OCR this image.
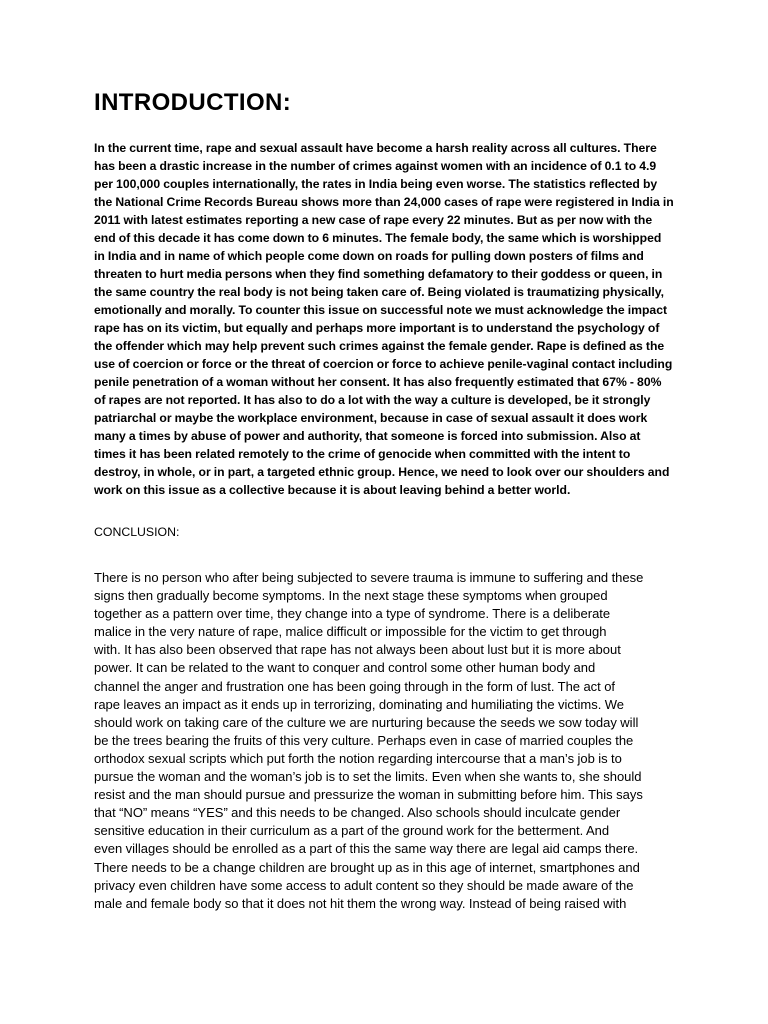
INTRODUCTION:
In the current time, rape and sexual assault have become a harsh reality across all cultures. There
has been a drastic increase in the number of crimes against women with an incidence of 0.1 to 4.9
per 100,000 couples internationally, the rates in India being even worse. The statistics reflected by
the National Crime Records Bureau shows more than 24,000 cases of rape were registered in India in
2011 with latest estimates reporting a new case of rape every 22 minutes. But as per now with the
end of this decade it has come down to 6 minutes. The female body, the same which is worshipped
in India and in name of which people come down on roads for pulling down posters of films and
threaten to hurt media persons when they find something defamatory to their goddess or queen, in
the same country the real body is not being taken care of. Being violated is traumatizing physically,
emotionally and morally. To counter this issue on successful note we must acknowledge the impact
rape has on its victim, but equally and perhaps more important is to understand the psychology of
the offender which may help prevent such crimes against the female gender. Rape is defined as the
use of coercion or force or the threat of coercion or force to achieve penile-vaginal contact including
penile penetration of a woman without her consent. It has also frequently estimated that 67% - 80%
of rapes are not reported. It has also to do a lot with the way a culture is developed, be it strongly
patriarchal or maybe the workplace environment, because in case of sexual assault it does work
many a times by abuse of power and authority, that someone is forced into submission. Also at
times it has been related remotely to the crime of genocide when committed with the intent to
destroy, in whole, or in part, a targeted ethnic group. Hence, we need to look over our shoulders and
work on this issue as a collective because it is about leaving behind a better world.
CONCLUSION:
There is no person who after being subjected to severe trauma is immune to suffering and these
signs then gradually become symptoms. In the next stage these symptoms when grouped
together as a pattern over time, they change into a type of syndrome. There is a deliberate
malice in the very nature of rape, malice difficult or impossible for the victim to get through
with. It has also been observed that rape has not always been about lust but it is more about
power. It can be related to the want to conquer and control some other human body and
channel the anger and frustration one has been going through in the form of lust. The act of
rape leaves an impact as it ends up in terrorizing, dominating and humiliating the victims. We
should work on taking care of the culture we are nurturing because the seeds we sow today will
be the trees bearing the fruits of this very culture. Perhaps even in case of married couples the
orthodox sexual scripts which put forth the notion regarding intercourse that a man’s job is to
pursue the woman and the woman’s job is to set the limits. Even when she wants to, she should
resist and the man should pursue and pressurize the woman in submitting before him. This says
that “NO” means “YES” and this needs to be changed. Also schools should inculcate gender
sensitive education in their curriculum as a part of the ground work for the betterment. And
even villages should be enrolled as a part of this the same way there are legal aid camps there.
There needs to be a change children are brought up as in this age of internet, smartphones and
privacy even children have some access to adult content so they should be made aware of the
male and female body so that it does not hit them the wrong way. Instead of being raised with
